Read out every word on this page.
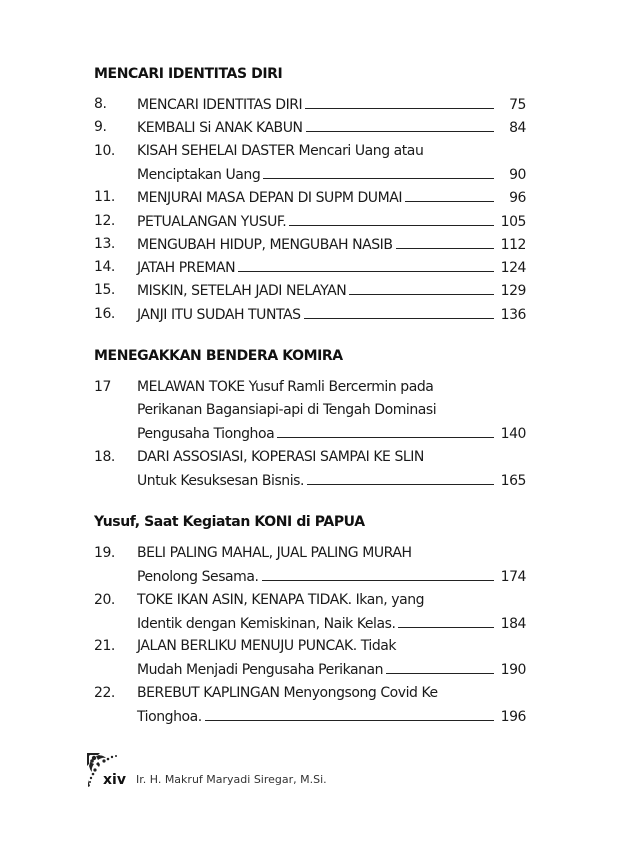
MENCARI IDENTITAS DIRI
8. MENCARI IDENTITAS DIRI	75
9. KEMBALI Si ANAK KABUN	84
10. KISAH SEHELAI DASTER Mencari Uang atau
Menciptakan Uang	90
11. MENJURAI MASA DEPAN DI SUPM DUMAI	96
12. PETUALANGAN YUSUF.	105
13. MENGUBAH HIDUP, MENGUBAH NASIB	112
14. JATAH PREMAN	124
15. MISKIN, SETELAH JADI NELAYAN	129
16. JANJI ITU SUDAH TUNTAS	136
MENEGAKKAN BENDERA KOMIRA
17 MELAWAN TOKE Yusuf Ramli Bercermin pada
Perikanan Bagansiapi-api di Tengah Dominasi
Pengusaha Tionghoa	140
18. DARI ASSOSIASI, KOPERASI SAMPAI KE SLIN
Untuk Kesuksesan Bisnis.	165
Yusuf, Saat Kegiatan KONI di PAPUA
19. BELI PALING MAHAL, JUAL PALING MURAH
Penolong Sesama.	174
20. TOKE IKAN ASIN, KENAPA TIDAK. Ikan, yang
Identik dengan Kemiskinan, Naik Kelas.	184
21. JALAN BERLIKU MENUJU PUNCAK. Tidak
Mudah Menjadi Pengusaha Perikanan	190
22. BEREBUT KAPLINGAN Menyongsong Covid Ke
Tionghoa.	196
xiv Ir. H. Makruf Maryadi Siregar, M.Si.
